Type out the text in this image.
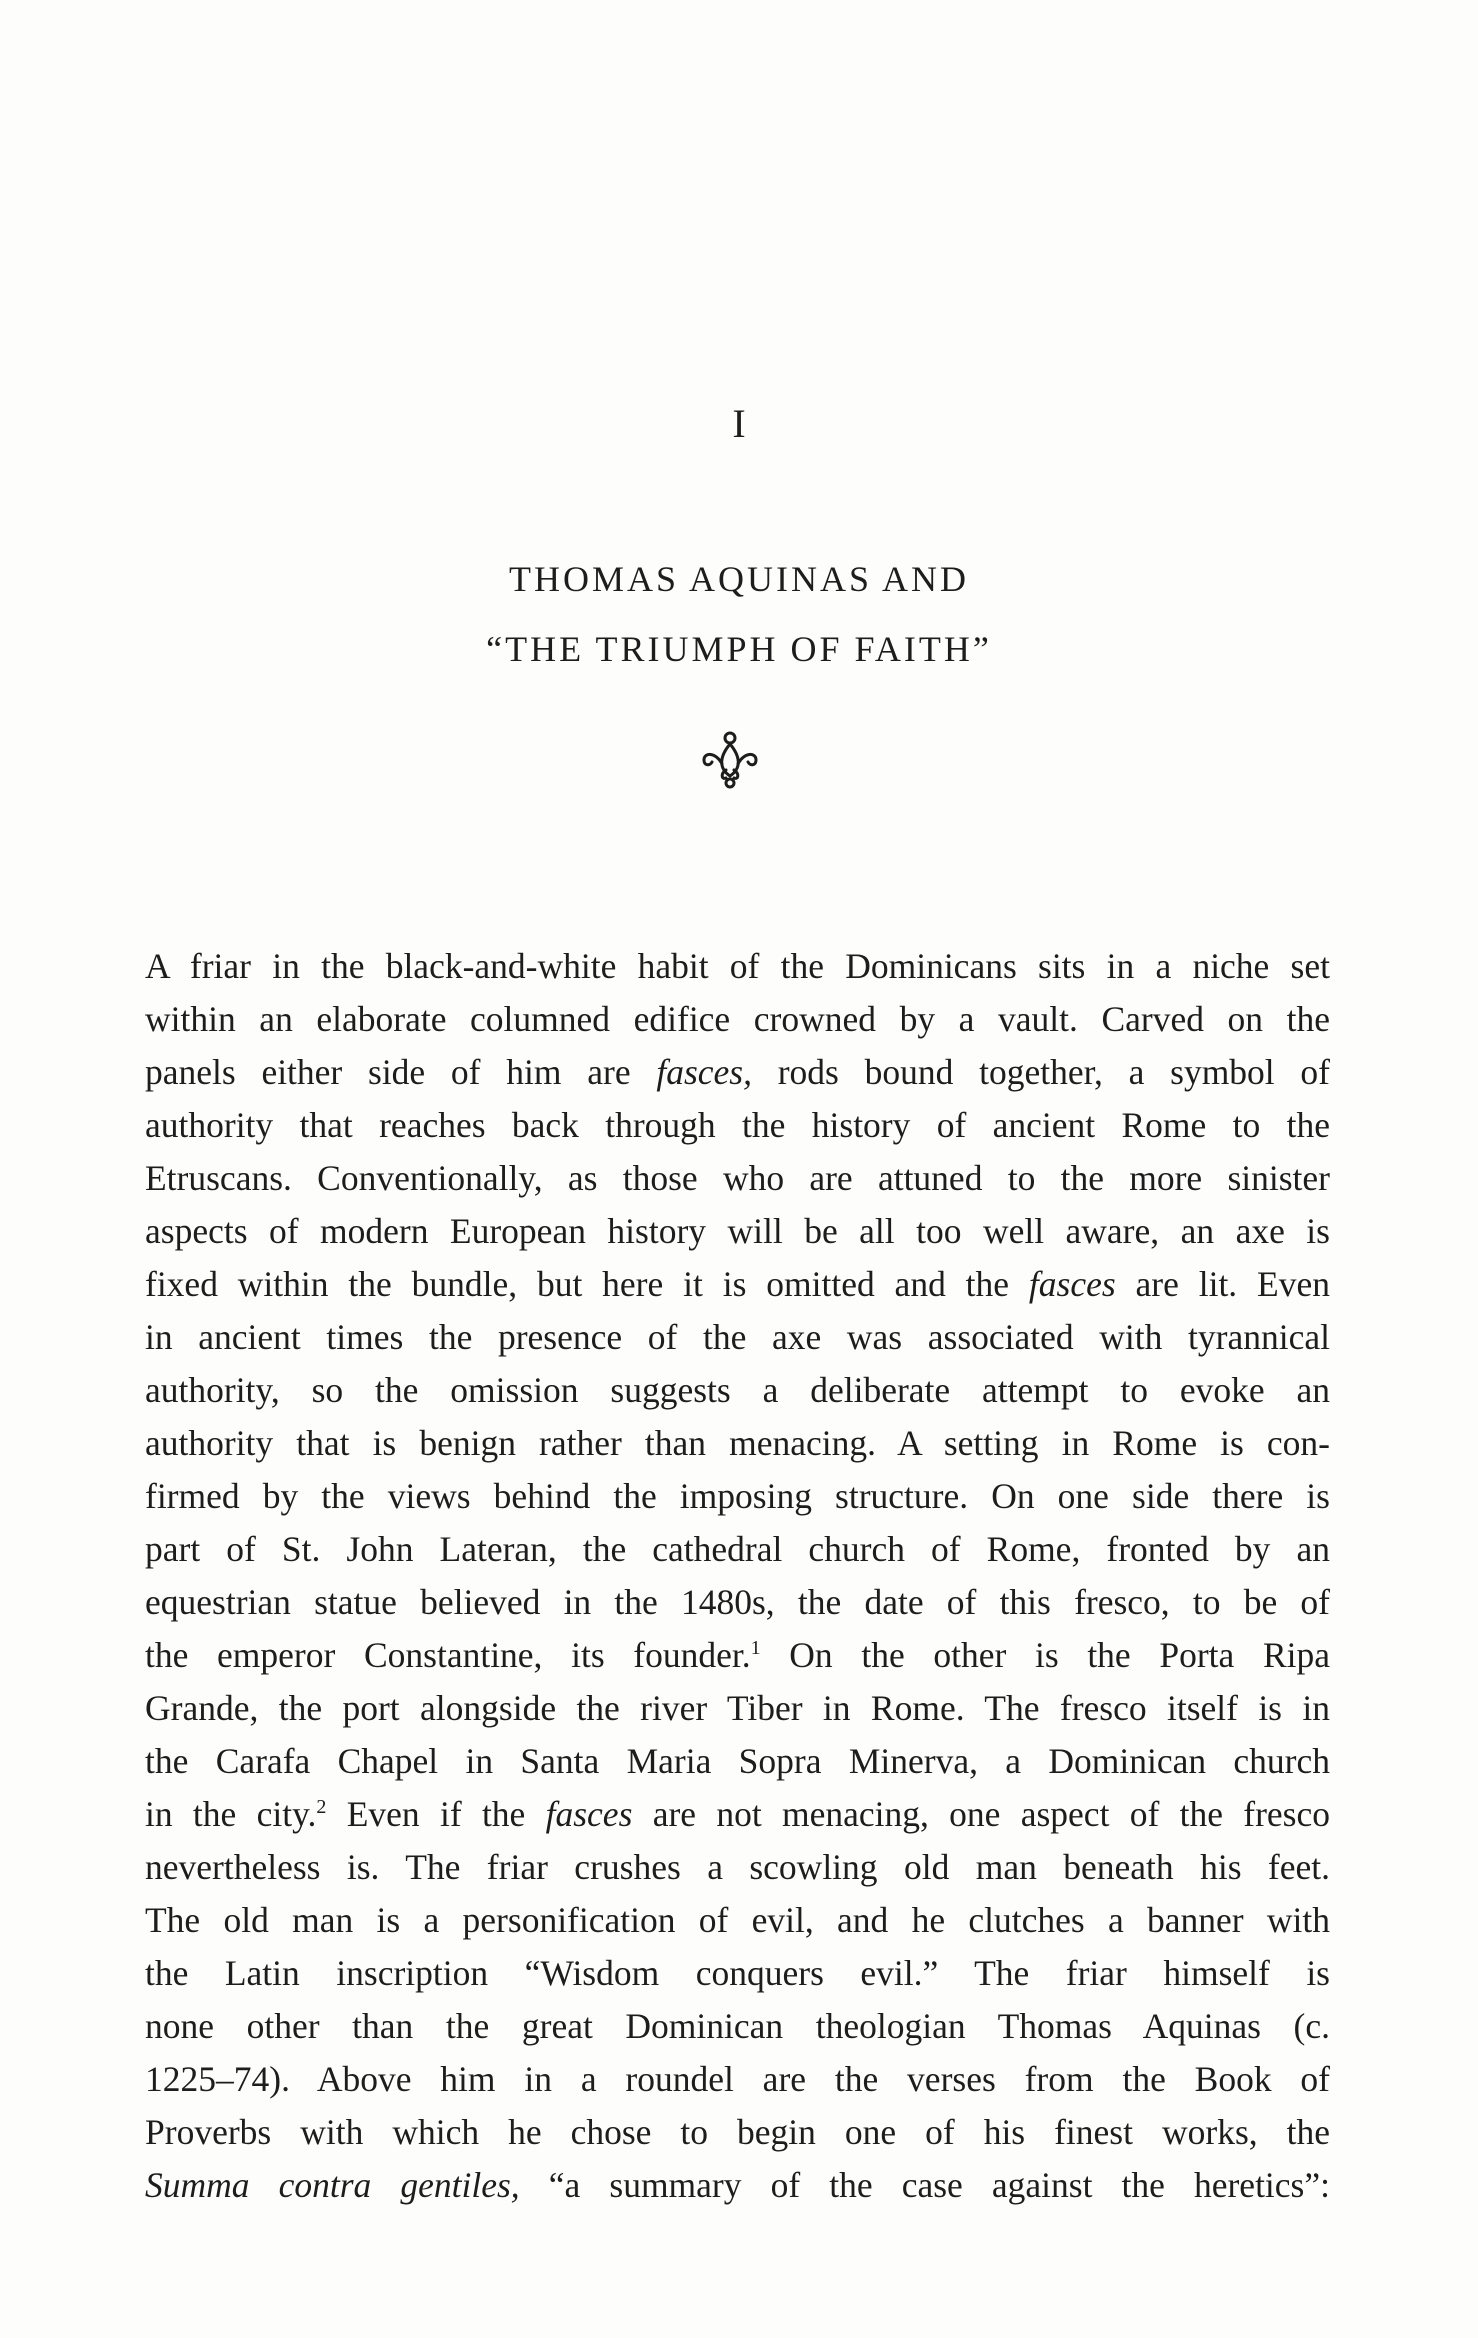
I
THOMAS AQUINAS AND
“THE TRIUMPH OF FAITH”
A friar in the black-and-white habit of the Dominicans sits in a niche set
within an elaborate columned edifice crowned by a vault. Carved on the
panels either side of him are fasces, rods bound together, a symbol of
authority that reaches back through the history of ancient Rome to the
Etruscans. Conventionally, as those who are attuned to the more sinister
aspects of modern European history will be all too well aware, an axe is
fixed within the bundle, but here it is omitted and the fasces are lit. Even
in ancient times the presence of the axe was associated with tyrannical
authority, so the omission suggests a deliberate attempt to evoke an
authority that is benign rather than menacing. A setting in Rome is con-
firmed by the views behind the imposing structure. On one side there is
part of St. John Lateran, the cathedral church of Rome, fronted by an
equestrian statue believed in the 1480s, the date of this fresco, to be of
the emperor Constantine, its founder.$^1$ On the other is the Porta Ripa
Grande, the port alongside the river Tiber in Rome. The fresco itself is in
the Carafa Chapel in Santa Maria Sopra Minerva, a Dominican church
in the city.$^2$ Even if the fasces are not menacing, one aspect of the fresco
nevertheless is. The friar crushes a scowling old man beneath his feet.
The old man is a personification of evil, and he clutches a banner with
the Latin inscription “Wisdom conquers evil.” The friar himself is
none other than the great Dominican theologian Thomas Aquinas (c.
1225–74). Above him in a roundel are the verses from the Book of
Proverbs with which he chose to begin one of his finest works, the
Summa contra gentiles, “a summary of the case against the heretics”:
